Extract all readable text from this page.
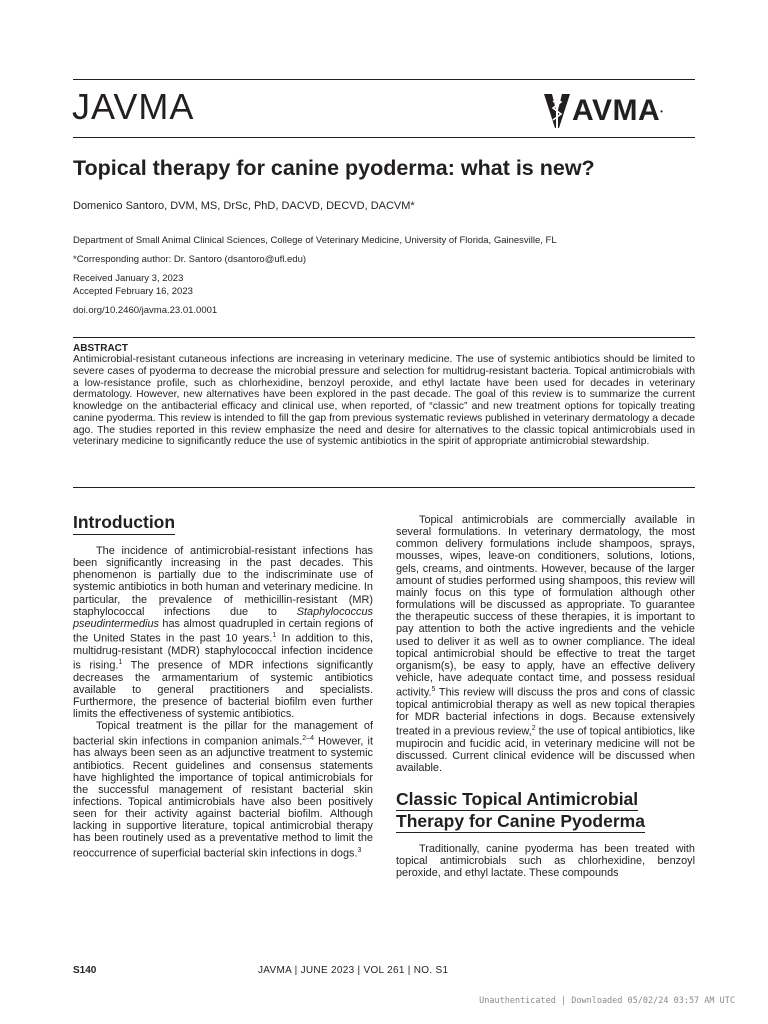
JAVMA	AVMA •
Topical therapy for canine pyoderma: what is new?
Domenico Santoro, DVM, MS, DrSc, PhD, DACVD, DECVD, DACVM*
Department of Small Animal Clinical Sciences, College of Veterinary Medicine, University of Florida, Gainesville, FL
*Corresponding author: Dr. Santoro (dsantoro@ufl.edu)
Received January 3, 2023
Accepted February 16, 2023
doi.org/10.2460/javma.23.01.0001
ABSTRACT
Antimicrobial-resistant cutaneous infections are increasing in veterinary medicine. The use of systemic antibiotics should be limited to severe cases of pyoderma to decrease the microbial pressure and selection for multidrug-resistant bacteria. Topical antimicrobials with a low-resistance profile, such as chlorhexidine, benzoyl peroxide, and ethyl lactate have been used for decades in veterinary dermatology. However, new alternatives have been explored in the past decade. The goal of this review is to summarize the current knowledge on the antibacterial efficacy and clinical use, when reported, of “classic” and new treatment options for topically treating canine pyoderma. This review is intended to fill the gap from previous systematic reviews published in veterinary dermatology a decade ago. The studies reported in this review emphasize the need and desire for alternatives to the classic topical antimicrobials used in veterinary medicine to significantly reduce the use of systemic antibiotics in the spirit of appropriate antimicrobial stewardship.
Introduction

The incidence of antimicrobial-resistant infections has been significantly increasing in the past decades. This phenomenon is partially due to the indiscriminate use of systemic antibiotics in both human and veterinary medicine. In particular, the prevalence of methicillin-resistant (MR) staphylococcal infections due to Staphylococcus pseudintermedius has almost quadrupled in certain regions of the United States in the past 10 years.$^1$ In addition to this, multidrug-resistant (MDR) staphylococcal infection incidence is rising.$^1$ The presence of MDR infections significantly decreases the armamentarium of systemic antibiotics available to general practitioners and specialists. Furthermore, the presence of bacterial biofilm even further limits the effectiveness of systemic antibiotics.

Topical treatment is the pillar for the management of bacterial skin infections in companion animals.$^{2-4}$ However, it has always been seen as an adjunctive treatment to systemic antibiotics. Recent guidelines and consensus statements have highlighted the importance of topical antimicrobials for the successful management of resistant bacterial skin infections. Topical antimicrobials have also been positively seen for their activity against bacterial biofilm. Although lacking in supportive literature, topical antimicrobial therapy has been routinely used as a preventative method to limit the reoccurrence of superficial bacterial skin infections in dogs.$^3$

Topical antimicrobials are commercially available in several formulations. In veterinary dermatology, the most common delivery formulations include shampoos, sprays, mousses, wipes, leave-on conditioners, solutions, lotions, gels, creams, and ointments. However, because of the larger amount of studies performed using shampoos, this review will mainly focus on this type of formulation although other formulations will be discussed as appropriate. To guarantee the therapeutic success of these therapies, it is important to pay attention to both the active ingredients and the vehicle used to deliver it as well as to owner compliance. The ideal topical antimicrobial should be effective to treat the target organism(s), be easy to apply, have an effective delivery vehicle, have adequate contact time, and possess residual activity.$^5$ This review will discuss the pros and cons of classic topical antimicrobial therapy as well as new topical therapies for MDR bacterial infections in dogs. Because extensively treated in a previous review,$^2$ the use of topical antibiotics, like mupirocin and fucidic acid, in veterinary medicine will not be discussed. Current clinical evidence will be discussed when available.

Classic Topical Antimicrobial
Therapy for Canine Pyoderma

Traditionally, canine pyoderma has been treated with topical antimicrobials such as chlorhexidine, benzoyl peroxide, and ethyl lactate. These compounds

S140	JAVMA | JUNE 2023 | VOL 261 | NO. S1
Unauthenticated | Downloaded 05/02/24 03:57 AM UTC
